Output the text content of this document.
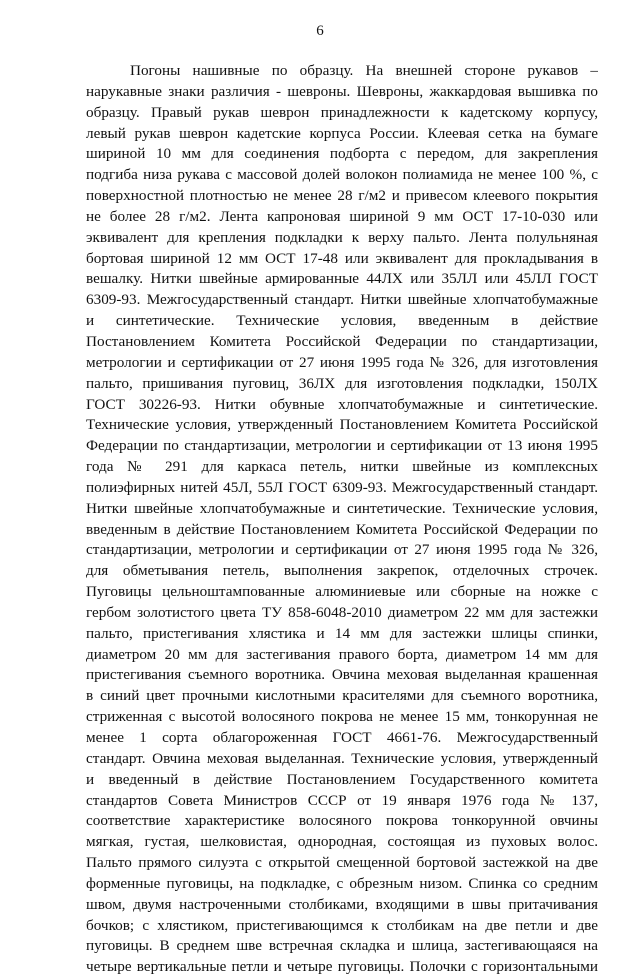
6
Погоны нашивные по образцу. На внешней стороне рукавов –
нарукавные знаки различия - шевроны. Шевроны, жаккардовая вышивка по
образцу. Правый рукав шеврон принадлежности к кадетскому корпусу,
левый рукав шеврон кадетские корпуса России. Клеевая сетка на бумаге
шириной 10 мм для соединения подборта с передом, для закрепления
подгиба низа рукава с массовой долей волокон полиамида не менее 100 %, с
поверхностной плотностью не менее 28 г/м2 и привесом клеевого покрытия
не более 28 г/м2. Лента капроновая шириной 9 мм ОСТ 17-10-030 или
эквивалент для крепления подкладки к верху пальто. Лента полульняная
бортовая шириной 12 мм ОСТ 17-48 или эквивалент для прокладывания в
вешалку. Нитки швейные армированные 44ЛХ или 35ЛЛ или 45ЛЛ ГОСТ
6309-93. Межгосударственный стандарт. Нитки швейные хлопчатобумажные
и синтетические. Технические условия, введенным в действие
Постановлением Комитета Российской Федерации по стандартизации,
метрологии и сертификации от 27 июня 1995 года № 326, для изготовления
пальто, пришивания пуговиц, 36ЛХ для изготовления подкладки, 150ЛХ
ГОСТ 30226-93. Нитки обувные хлопчатобумажные и синтетические.
Технические условия, утвержденный Постановлением Комитета Российской
Федерации по стандартизации, метрологии и сертификации от 13 июня 1995
года № 291 для каркаса петель, нитки швейные из комплексных
полиэфирных нитей 45Л, 55Л ГОСТ 6309-93. Межгосударственный стандарт.
Нитки швейные хлопчатобумажные и синтетические. Технические условия,
введенным в действие Постановлением Комитета Российской Федерации по
стандартизации, метрологии и сертификации от 27 июня 1995 года № 326,
для обметывания петель, выполнения закрепок, отделочных строчек.
Пуговицы цельноштампованные алюминиевые или сборные на ножке с
гербом золотистого цвета ТУ 858-6048-2010 диаметром 22 мм для застежки
пальто, пристегивания хлястика и 14 мм для застежки шлицы спинки,
диаметром 20 мм для застегивания правого борта, диаметром 14 мм для
пристегивания съемного воротника. Овчина меховая выделанная крашенная
в синий цвет прочными кислотными красителями для съемного воротника,
стриженная с высотой волосяного покрова не менее 15 мм, тонкорунная не
менее 1 сорта облагороженная ГОСТ 4661-76. Межгосударственный
стандарт. Овчина меховая выделанная. Технические условия, утвержденный
и введенный в действие Постановлением Государственного комитета
стандартов Совета Министров СССР от 19 января 1976 года № 137,
соответствие характеристике волосяного покрова тонкорунной овчины
мягкая, густая, шелковистая, однородная, состоящая из пуховых волос.
Пальто прямого силуэта с открытой смещенной бортовой застежкой на две
форменные пуговицы, на подкладке, с обрезным низом. Спинка со средним
швом, двумя настроченными столбиками, входящими в швы притачивания
бочков; с хлястиком, пристегивающимся к столбикам на две петли и две
пуговицы. В среднем шве встречная складка и шлица, застегивающаяся на
четыре вертикальные петли и четыре пуговицы. Полочки с горизонтальными
